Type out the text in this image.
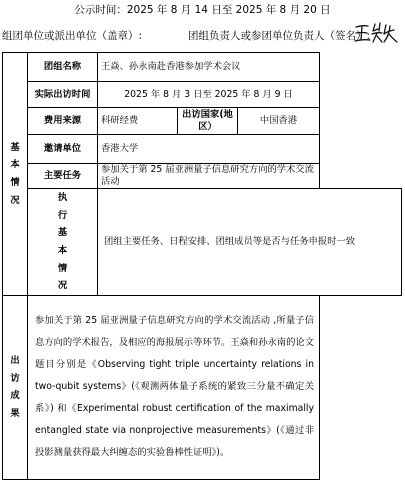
公示时间：2025 年 8 月 14 日至 2025 年 8 月 20 日
组团单位或派出单位（盖章）:	团组负责人或参团单位负责人（签名）:
基本情况	团组名称	王焱、孙永南赴香港参加学术会议		
	实际出访时间	2025 年 8 月 3 日至 2025 年 8 月 9 日		
	费用来源	科研经费	出访国家(地区）	中国香港
	邀请单位	香港大学		
	主要任务	参加关于第 25 届亚洲量子信息研究方向的学术交流活动		
	执行基本情况	团组主要任务、日程安排、团组成员等是否与任务申报时一致		
出访成果	参加关于第 25 届亚洲量子信息研究方向的学术交流活动 ,所量子信息方向的学术报告，及相应的海报展示等环节。王焱和孙永南的论文题目分别是《Observing tight triple uncertainty relations in two-qubit systems》(《观测两体量子系统的紧致三分量不确定关系》) 和《Experimental robust certification of the maximally entangled state via nonprojective measurements》(《通过非投影测量获得最大纠缠态的实验鲁棒性证明》)。			
